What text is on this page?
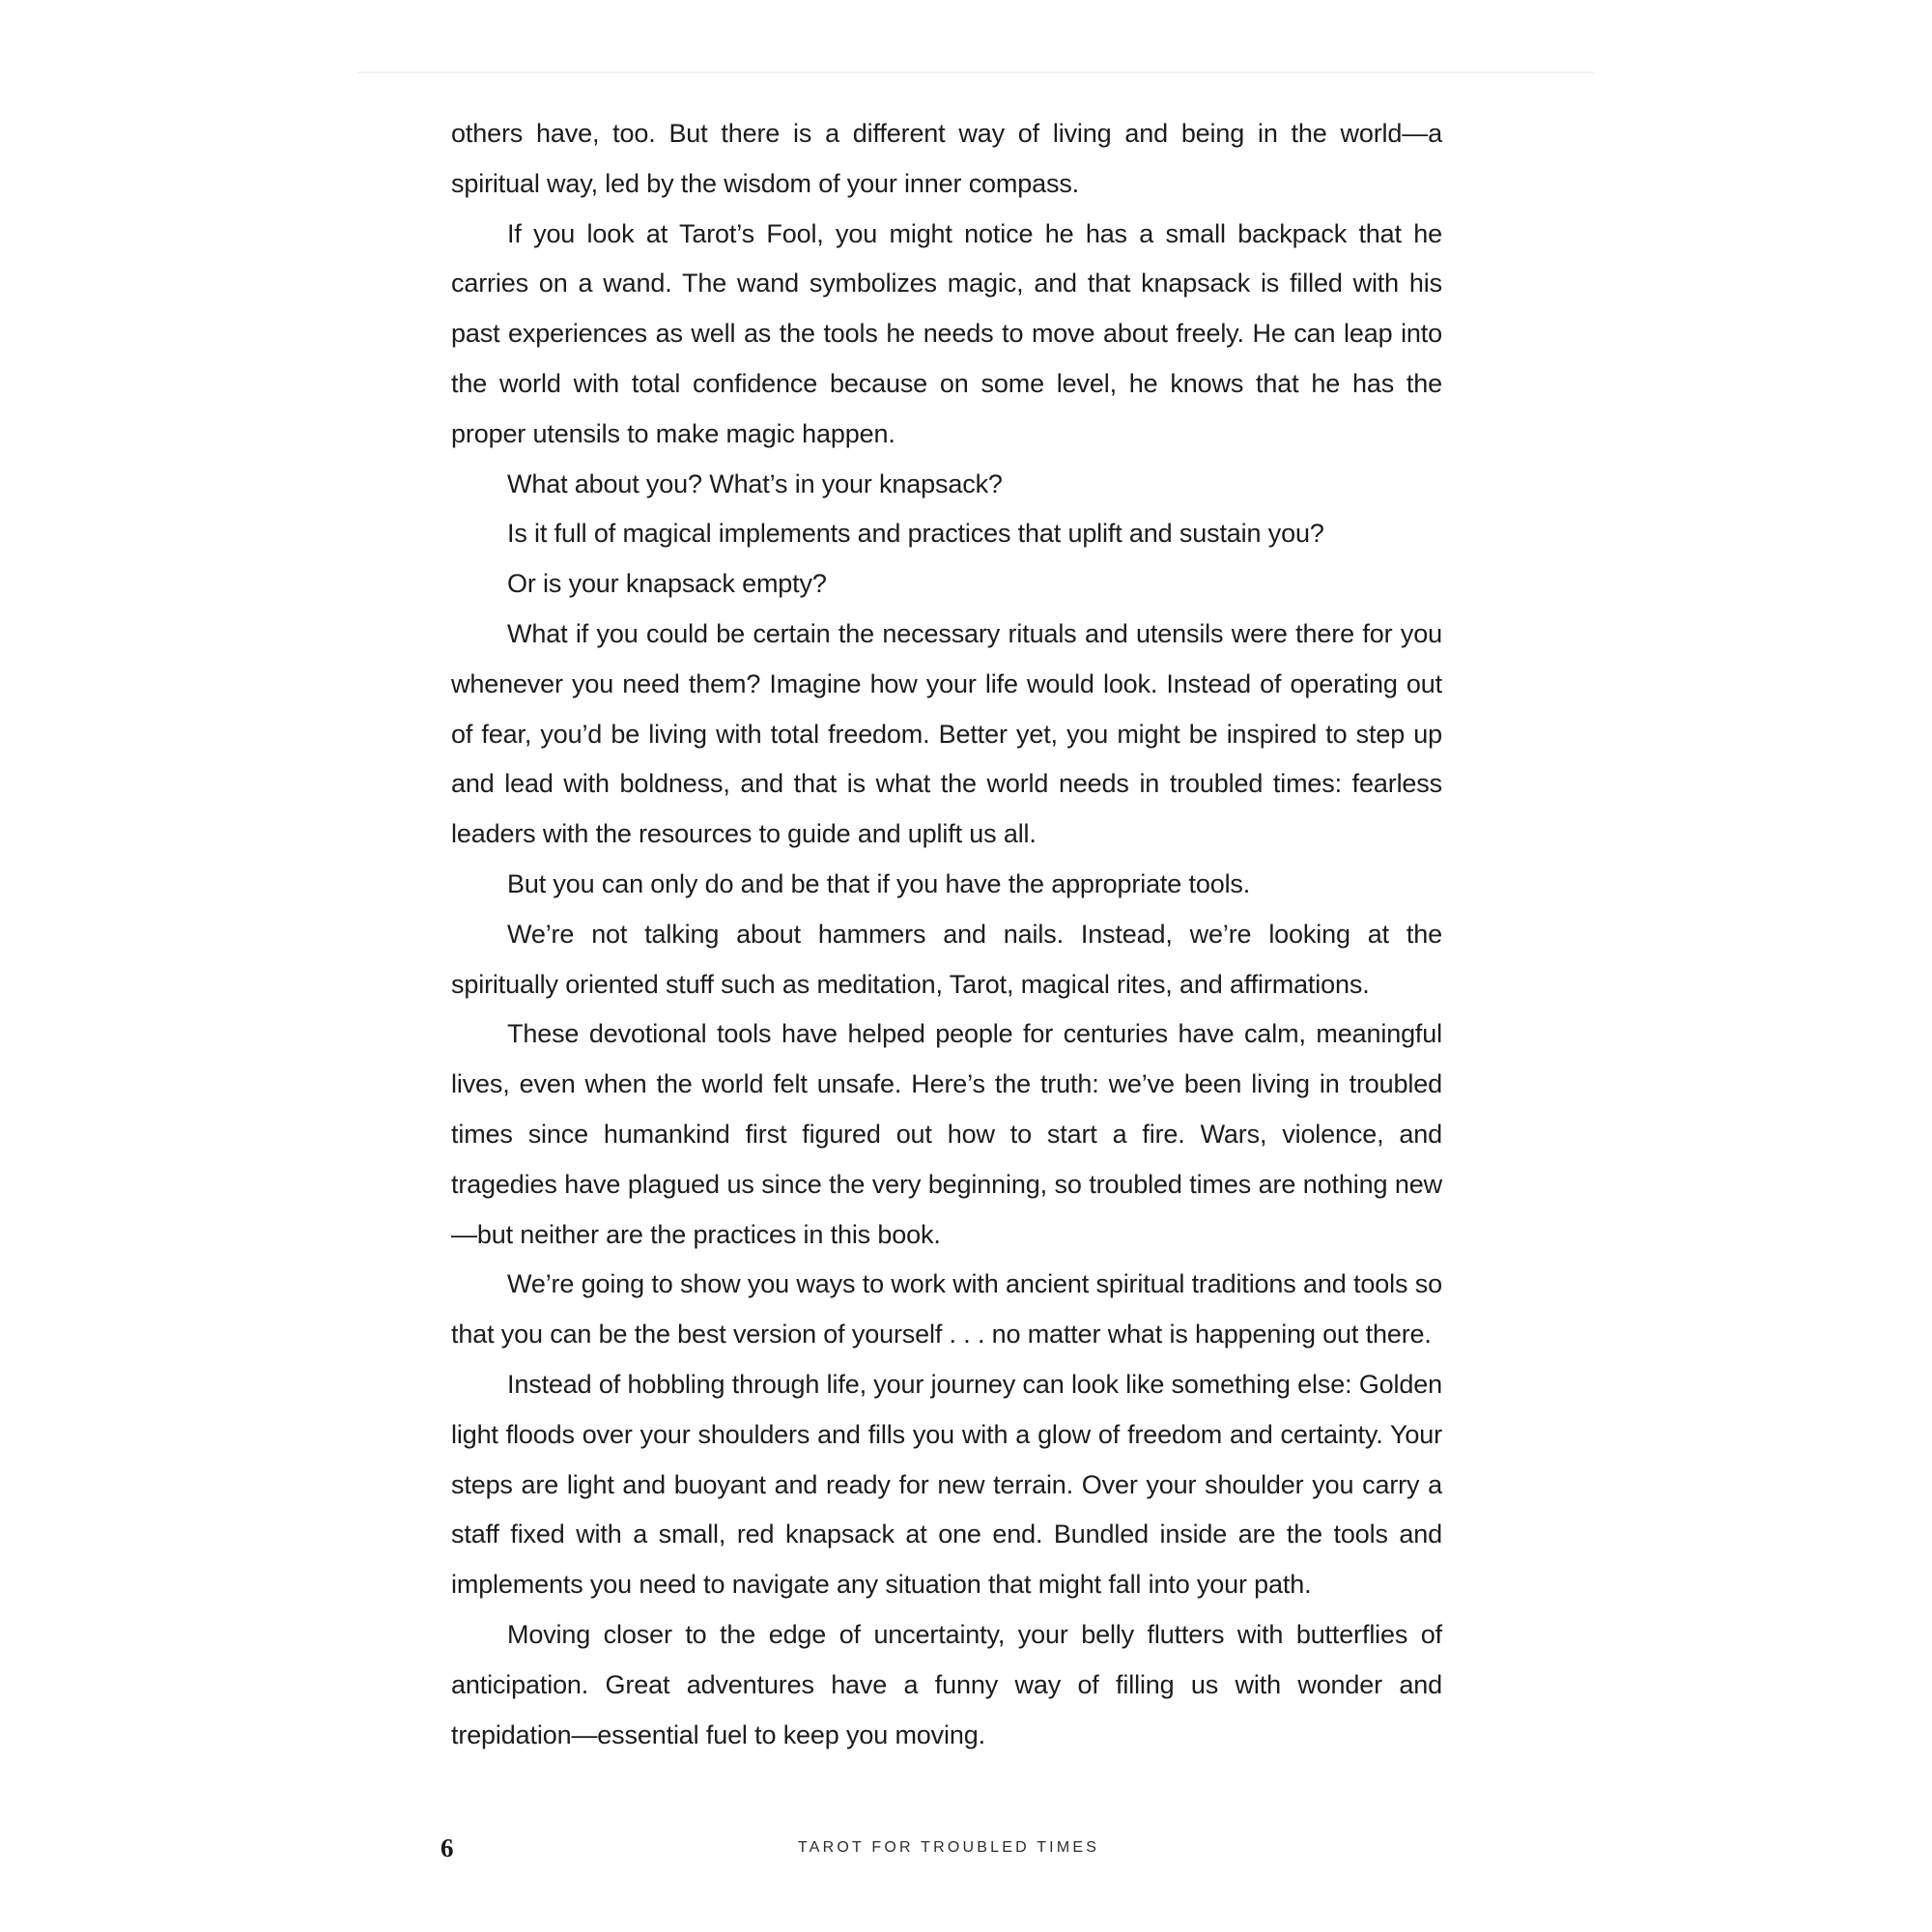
others have, too. But there is a different way of living and being in the world—a spiritual way, led by the wisdom of your inner compass.

If you look at Tarot’s Fool, you might notice he has a small backpack that he carries on a wand. The wand symbolizes magic, and that knapsack is filled with his past experiences as well as the tools he needs to move about freely. He can leap into the world with total confidence because on some level, he knows that he has the proper utensils to make magic happen.

What about you? What’s in your knapsack?

Is it full of magical implements and practices that uplift and sustain you?

Or is your knapsack empty?

What if you could be certain the necessary rituals and utensils were there for you whenever you need them? Imagine how your life would look. Instead of operating out of fear, you’d be living with total freedom. Better yet, you might be inspired to step up and lead with boldness, and that is what the world needs in troubled times: fearless leaders with the resources to guide and uplift us all.

But you can only do and be that if you have the appropriate tools.

We’re not talking about hammers and nails. Instead, we’re looking at the spiritually oriented stuff such as meditation, Tarot, magical rites, and affirmations.

These devotional tools have helped people for centuries have calm, meaningful lives, even when the world felt unsafe. Here’s the truth: we’ve been living in troubled times since humankind first figured out how to start a fire. Wars, violence, and tragedies have plagued us since the very beginning, so troubled times are nothing new—but neither are the practices in this book.

We’re going to show you ways to work with ancient spiritual traditions and tools so that you can be the best version of yourself . . . no matter what is happening out there.

Instead of hobbling through life, your journey can look like something else: Golden light floods over your shoulders and fills you with a glow of freedom and certainty. Your steps are light and buoyant and ready for new terrain. Over your shoulder you carry a staff fixed with a small, red knapsack at one end. Bundled inside are the tools and implements you need to navigate any situation that might fall into your path.

Moving closer to the edge of uncertainty, your belly flutters with butterflies of anticipation. Great adventures have a funny way of filling us with wonder and trepidation—essential fuel to keep you moving.

6	TAROT FOR TROUBLED TIMES
